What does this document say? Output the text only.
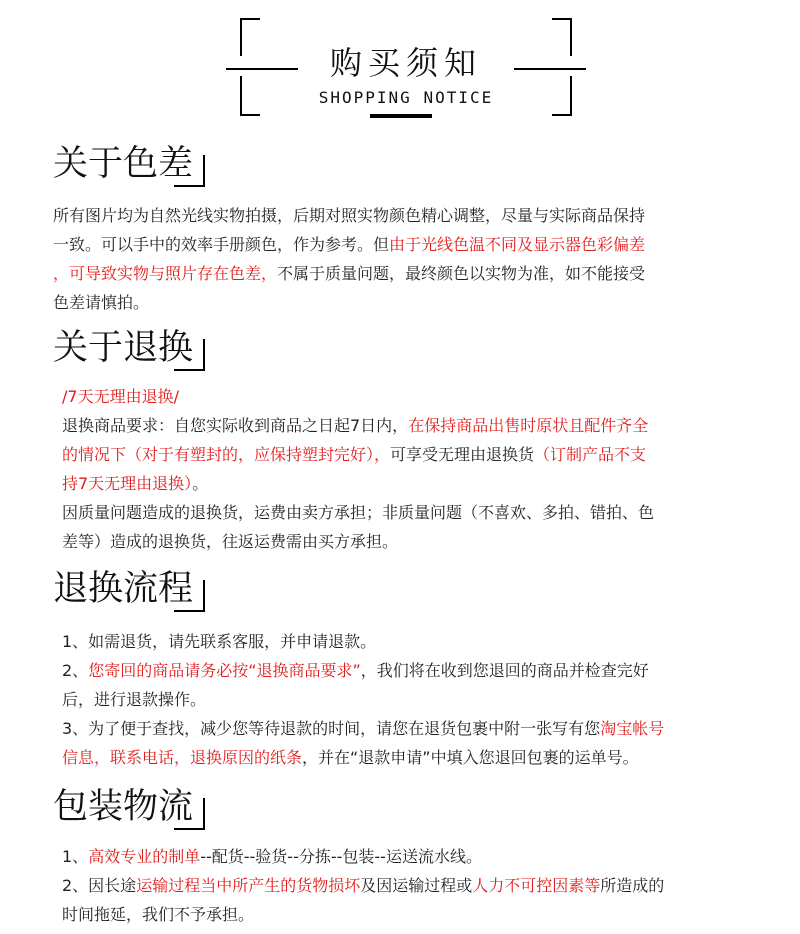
购买须知
SHOPPING NOTICE
关于色差
所有图片均为自然光线实物拍摄，后期对照实物颜色精心调整，尽量与实际商品保持
一致。可以手中的效率手册颜色，作为参考。但由于光线色温不同及显示器色彩偏差
，可导致实物与照片存在色差，不属于质量问题，最终颜色以实物为准，如不能接受
色差请慎拍。
关于退换
/7天无理由退换/
退换商品要求：自您实际收到商品之日起7日内，在保持商品出售时原状且配件齐全
的情况下（对于有塑封的，应保持塑封完好），可享受无理由退换货（订制产品不支
持7天无理由退换）。
因质量问题造成的退换货，运费由卖方承担；非质量问题（不喜欢、多拍、错拍、色
差等）造成的退换货，往返运费需由买方承担。
退换流程
1、如需退货，请先联系客服，并申请退款。
2、您寄回的商品请务必按“退换商品要求”，我们将在收到您退回的商品并检查完好
后，进行退款操作。
3、为了便于查找，减少您等待退款的时间，请您在退货包裹中附一张写有您淘宝帐号
信息，联系电话，退换原因的纸条，并在“退款申请”中填入您退回包裹的运单号。
包装物流
1、高效专业的制单--配货--验货--分拣--包装--运送流水线。
2、因长途运输过程当中所产生的货物损坏及因运输过程或人力不可控因素等所造成的
时间拖延，我们不予承担。
